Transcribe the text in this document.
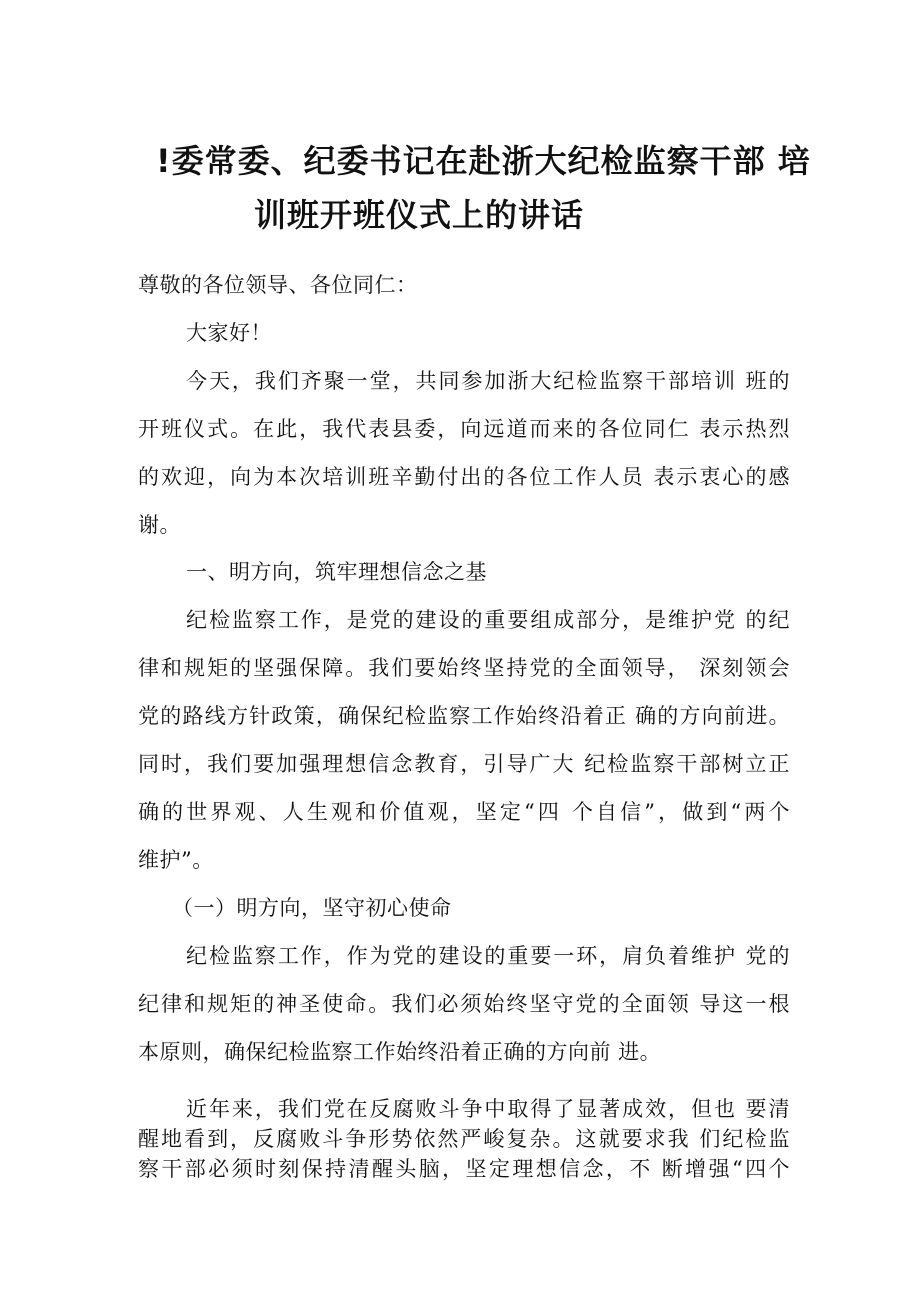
!委常委、纪委书记在赴浙大纪检监察干部 培
训班开班仪式上的讲话
尊敬的各位领导、各位同仁：
大家好！
今天，我们齐聚一堂，共同参加浙大纪检监察干部培训 班的
开班仪式。在此，我代表县委，向远道而来的各位同仁 表示热烈
的欢迎，向为本次培训班辛勤付出的各位工作人员 表示衷心的感
谢。
一、明方向，筑牢理想信念之基
纪检监察工作，是党的建设的重要组成部分，是维护党 的纪
律和规矩的坚强保障。我们要始终坚持党的全面领导， 深刻领会
党的路线方针政策，确保纪检监察工作始终沿着正 确的方向前进。
同时，我们要加强理想信念教育，引导广大 纪检监察干部树立正
确的世界观、人生观和价值观，坚定“四 个自信”，做到“两个
维护”。
（一）明方向，坚守初心使命
纪检监察工作，作为党的建设的重要一环，肩负着维护 党的
纪律和规矩的神圣使命。我们必须始终坚守党的全面领 导这一根
本原则，确保纪检监察工作始终沿着正确的方向前 进。
近年来，我们党在反腐败斗争中取得了显著成效，但也 要清
醒地看到，反腐败斗争形势依然严峻复杂。这就要求我 们纪检监
察干部必须时刻保持清醒头脑，坚定理想信念，不 断增强“四个
